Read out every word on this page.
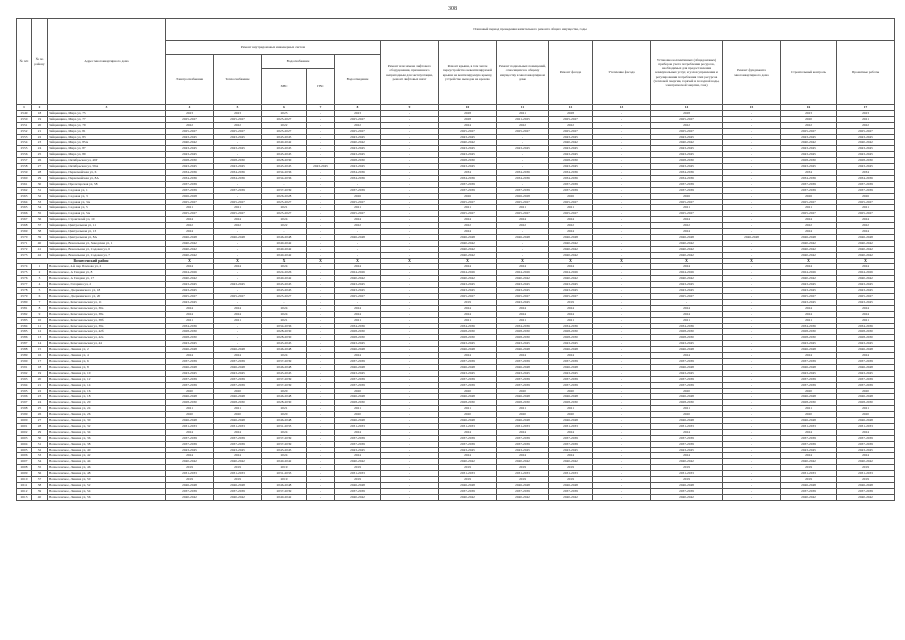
308
№ п/п	№ по району	Адрес многоквартирного дома	Плановый период проведения капитального ремонта общего имущества, годы													
			Ремонт внутридомовых инженерных систем					Ремонт или замена лифтового оборудования, признанного непригодным для эксплуатации, ремонт лифтовых шахт	Ремонт крыши, в том числе переустройство невентилируемой крыши на вентилируемую крышу, устройство выходов на кровлю	Ремонт подвальных помещений, относящихся к общему имуществу в многоквартирном доме	Ремонт фасада	Утепление фасада	Установка коллективных (общедомовых) приборов учета потребления ресурсов, необходимых для предоставления коммунальных услуг, и узлов управления и регулирования потребления этих ресурсов (тепловой энергии, горячей и холодной воды, электрической энергии, газа)	Ремонт фундамента многоквартирного дома	Строительный контроль	Проектные работы
			Электроснабжение	Теплоснабжение	Водоснабжение		Водоотведение									
					ХВС	ГВС										
1	2	3	4	5	6	7	8	9	10	11	12	13	14	15	16	17
2549	18	Зайцевщина, Мира ул, 75	2023	2023	2023	-	2023	-	2028	2021	2028	-	2028	-	2023	2023
2550	19	Зайцевщина, Мира ул, 77	2025-2027	2025-2027	2025-2027	-	2025-2027	-	2028	2021-2025	2025-2027	-	2025-2027	-	2020	2021
2551	20	Зайцевщина, Мира ул, 79	2022	2022	2022	-	2022	-	2024	2022	2022	-	2022	-	2022	2022
2552	21	Зайцевщина, Мира ул, 81	2025-2027	2025-2027	2025-2027	-	2025-2027	-	2025-2027	2025-2027	2025-2027	-	2025-2027	-	2025-2027	2025-2027
2553	22	Зайцевщина, Мира ул, 83	2043-2045	2043-2045	2043-2045	-	2043-2045	-	2043-2045	-	2043-2045	-	2043-2045	-	2043-2045	2043-2045
2554	23	Зайцевщина, Мира ул, 85А	2040-2042	-	2040-2042	-	2040-2042	-	2040-2042	-	2040-2042	-	2040-2042	-	2040-2042	2040-2042
2555	24	Зайцевщина, Мира ул, 87	2043-2045	2043-2045	2043-2045	-	2043-2045	-	2043-2045	2043-2045	2043-2045	-	2043-2045	-	2043-2045	2043-2045
2556	25	Зайцевщина, Мира ул, 89	2043-2045	-	2043-2045	-	2043-2045	-	2043-2045	-	2043-2045	-	2043-2045	-	2043-2045	2043-2045
2557	26	Зайцевщина, Октябрьская ул, 49Г	2028-2030	2028-2030	2028-2030	-	2028-2030	-	2028-2030	-	2028-2030	-	2028-2030	-	2028-2030	2028-2030
2558	27	Зайцевщина, Октябрьская ул, 59А	2043-2045	2043-2045	2043-2045	2043-2045	2043-2045	-	2043-2045	-	2043-2045	-	2043-2045	-	2043-2045	2043-2045
2559	28	Зайцевщина, Первомайская ул, 6	2034-2036	2034-2036	2034-2036	-	2034-2036	-	2034	2034-2036	2034-2036	-	2034-2036	-	2034	2034
2560	29	Зайцевщина, Первомайская ул, 8А	2034-2036	2034-2036	2034-2036	-	2034-2036	-	2034-2036	2034-2036	2034-2036	-	2034-2036	-	2034-2036	2034-2036
2561	30	Зайцевщина, Пролетарская ул, 58	2037-2039	-	-	-	-	-	2037-2039	-	2037-2039	-	2037-2039	-	2037-2039	2037-2039
2562	31	Зайцевщина, Садовая ул, 1	2037-2039	2037-2039	2037-2039	-	2037-2039	-	2037-2039	2037-2039	2037-2039	-	2037-2039	-	2037-2039	2037-2039
2563	32	Зайцевщина, Садовая ул, 3	2026-2028	-	2026-2028	-	2026	-	2026	2026-2028	2026	-	2026	-	2026	2026
2564	33	Зайцевщина, Садовая ул, 3А	2025-2027	2025-2027	2025-2027	-	2025-2027	-	2025-2027	2025-2027	2025-2027	-	2025-2027	-	2025-2027	2025-2027
2565	34	Зайцевщина, Садовая ул, 5	2021	2021	2021	-	2021	-	2021	2021	2021	-	2021	-	2021	2021
2566	35	Зайцевщина, Садовая ул, 5А	2025-2027	2025-2027	2025-2027	-	2025-2027	-	2025-2027	2025-2027	2025-2027	-	2025-2027	-	2025-2027	2025-2027
2567	36	Зайцевщина, Строителей ул, 10	2024	2024	2024	-	2024	-	2024	2024	2024	-	2024	-	2024	2024
2568	37	Зайцевщина, Центральная ул, 11	2022	2022	2022	-	2022	-	2022	2022	2022	-	2022	-	2022	2022
2569	38	Зайцевщина, Центральная ул, 13	2024	-	-	-	-	-	2024	-	2024	-	2024	-	2024	2024
2570	39	Зайцевщина, Центральная ул, 8А	2046-2048	2046-2048	2046-2048	-	2046-2048	-	2046-2048	2046-2048	2046-2048	-	2046-2048	2046-2048	2046-2048	2046-2048
2571	40	Зайцевщина, Вокзальная ул, Заводская ул, 1	2040-2042	-	2040-2042	-	-	-	2040-2042	-	2040-2042	-	2040-2042	-	2040-2042	2040-2042
2572	41	Зайцевщина, Вокзальная ул, Садовая ул, 6	2040-2042	-	2040-2042	-	-	-	2040-2042	-	2040-2042	-	2040-2042	-	2040-2042	2040-2042
2573	42	Зайцевщина, Вокзальная ул, Садовая ул, 7	2040-2042	-	2040-2042	-	-	-	2040-2042	-	2040-2042	-	2040-2042	-	2040-2042	2040-2042
Вознесенский район			X	X	X	X	X	X	X	X	X	X	X	X	X	X
2574	1	Вознесенское, 4-й пер Плехова ул, 2	2024	2024	2024	-	2024	-	2024	2024	2024	-	2024	-	2024	2024
2575	2	Вознесенское, А Ганджи ул, 8	2024-2026	-	2024-2026	-	2024-2026	-	2024-2026	2024-2026	2024-2026	-	2024-2026	-	2024-2026	2024-2026
2576	3	Вознесенское, А Ганджи ул, 17	2040-2042	-	2040-2042	-	2040-2042	-	2040-2042	2040-2042	2040-2042	-	2040-2042	-	2040-2042	2040-2042
2577	4	Вознесенское, Гагарина ул, 2	2043-2045	2043-2045	2043-2045	-	2043-2045	-	2043-2045	2043-2045	2043-2045	-	2043-2045	-	2043-2045	2043-2045
2578	5	Вознесенское, Дзержинского ул, 18	2043-2045	-	2043-2045	-	2043-2045	-	2043-2045	2043-2045	2043-2045	-	2043-2045	-	2043-2045	2043-2045
2579	6	Вознесенское, Дзержинского ул, 20	2025-2027	2025-2027	2025-2027	-	2025-2027	-	2025-2027	2025-2027	2025-2027	-	2025-2027	-	2025-2027	2025-2027
2580	7	Вознесенское, Комсомольская ул, 11	2043-2045	-	-	-	-	-	2019	2043-2045	2019	-	-	-	2043-2045	2043-2045
2581	8	Вознесенское, Комсомольская ул, 36а	2024	2024	2024	-	2024	-	2024	2024	2024	-	2024	-	2024	2024
2582	9	Вознесенское, Комсомольская ул, 38а	2024	2024	2024	-	2024	-	2024	2024	2024	-	2024	-	2024	2024
2583	10	Вознесенское, Комсомольская ул, 38б	2021	2021	2021	-	2021	-	2021	2021	2021	-	2021	-	2021	2021
2584	11	Вознесенское, Комсомольская ул, 39а	2034-2036	-	2034-2036	-	2034-2036	-	2034-2036	2034-2036	2034-2036	-	2034-2036	-	2034-2036	2034-2036
2585	12	Вознесенское, Комсомольская ул, 42б	2028-2030	-	2028-2030	-	2028-2030	-	2028-2030	2028-2030	2028-2030	-	2028-2030	-	2028-2030	2028-2030
2586	13	Вознесенское, Комсомольская ул, 42а	2028-2030	-	2028-2030	-	2028-2030	-	2028-2030	2028-2030	2028-2030	-	2028-2030	-	2028-2030	2028-2030
2587	14	Вознесенское, Комсомольская ул, 44	2043-2045	-	2043-2045	-	2043-2045	-	2043-2045	2043-2045	2043-2045	-	2043-2045	-	2043-2045	2043-2045
2588	15	Вознесенское, Ленина ул, 2	2046-2048	2046-2048	2046-2048	-	2046-2048	-	2046-2048	2046-2048	2046-2048	-	2046-2048	-	2046-2048	2046-2048
2589	16	Вознесенское, Ленина ул, 4	2024	2024	2024	-	2024	-	2024	2024	2024	-	2024	-	2024	2024
2590	17	Вознесенское, Ленина ул, 6	2037-2039	2037-2039	2037-2039	-	2037-2039	-	2037-2039	2037-2039	2037-2039	-	2037-2039	-	2037-2039	2037-2039
2591	18	Вознесенское, Ленина ул, 8	2046-2048	2046-2048	2046-2048	-	2046-2048	-	2046-2048	2046-2048	2046-2048	-	2046-2048	-	2046-2048	2046-2048
2592	19	Вознесенское, Ленина ул, 10	2043-2045	2043-2045	2043-2045	-	2043-2045	-	2043-2045	2043-2045	2043-2045	-	2043-2045	-	2043-2045	2043-2045
2593	20	Вознесенское, Ленина ул, 12	2037-2039	2037-2039	2037-2039	-	2037-2039	-	2037-2039	2037-2039	2037-2039	-	2037-2039	-	2037-2039	2037-2039
2594	21	Вознесенское, Ленина ул, 14	2037-2039	2037-2039	2037-2039	-	2037-2039	-	2037-2039	2037-2039	2037-2039	-	2037-2039	-	2037-2039	2037-2039
2595	22	Вознесенское, Ленина ул, 16	2020	2020	2020	-	2020	-	2020	2020	2020	-	2020	-	2020	2020
2596	23	Вознесенское, Ленина ул, 18	2046-2048	2046-2048	2046-2048	-	2046-2048	-	2046-2048	2046-2048	2046-2048	-	2046-2048	-	2046-2048	2046-2048
2597	24	Вознесенское, Ленина ул, 20	2028-2030	2028-2030	2028-2030	-	2028-2030	-	2028-2030	2028-2030	2028-2030	-	2028-2030	-	2028-2030	2028-2030
2598	25	Вознесенское, Ленина ул, 24	2021	2021	2021	-	2021	-	2021	2021	2021	-	2021	-	2021	2021
2599	26	Вознесенское, Ленина ул, 26	2020	2020	2020	-	2020	-	2020	2020	2020	-	2020	-	2020	2020
2600	27	Вознесенское, Ленина ул, 30	2046-2048	2046-2048	2046-2048	-	2046-2048	-	2046-2048	2046-2048	2046-2048	-	2046-2048	-	2046-2048	2046-2048
2601	28	Вознесенское, Ленина ул, 32	2031-2033	2031-2033	2031-2033	-	2031-2033	-	2031-2033	2031-2033	2031-2033	-	2031-2033	-	2031-2033	2031-2033
2602	29	Вознесенское, Ленина ул, 34	2024	2024	2024	-	2024	-	2024	2024	2024	-	2024	-	2024	2024
2603	30	Вознесенское, Ленина ул, 36	2037-2039	2037-2039	2037-2039	-	2037-2039	-	2037-2039	2037-2039	2037-2039	-	2037-2039	-	2037-2039	2037-2039
2604	31	Вознесенское, Ленина ул, 38	2037-2039	2037-2039	2037-2039	-	2037-2039	-	2037-2039	2037-2039	2037-2039	-	2037-2039	-	2037-2039	2037-2039
2605	32	Вознесенское, Ленина ул, 40	2043-2045	2043-2045	2043-2045	-	2043-2045	-	2043-2045	2043-2045	2043-2045	-	2043-2045	-	2043-2045	2043-2045
2606	33	Вознесенское, Ленина ул, 42	2024	2024	2024	-	2024	-	2024	2024	2024	-	2024	-	2024	2024
2607	34	Вознесенское, Ленина ул, 44	2040-2042	2040-2042	2040-2042	-	2040-2042	-	2040-2042	2040-2042	2040-2042	-	2040-2042	-	2040-2042	2040-2042
2608	35	Вознесенское, Ленина ул, 46	2019	2019	2019	-	2019	-	2019	2019	2019	-	2019	-	2019	2019
2609	36	Вознесенское, Ленина ул, 48	2031-2033	2031-2033	2031-2033	-	2031-2033	-	2031-2033	2031-2033	2031-2033	-	2031-2033	-	2031-2033	2031-2033
2610	37	Вознесенское, Ленина ул, 50	2019	2019	2019	-	2019	-	2019	2019	2019	-	2019	-	2019	2019
2611	38	Вознесенское, Ленина ул, 52	2046-2048	2046-2048	2046-2048	-	2046-2048	-	2046-2048	2046-2048	2046-2048	-	2046-2048	-	2046-2048	2046-2048
2612	39	Вознесенское, Ленина ул, 54	2037-2039	2037-2039	2037-2039	-	2037-2039	-	2037-2039	2037-2039	2037-2039	-	2037-2039	-	2037-2039	2037-2039
2613	40	Вознесенское, Ленина ул, 56	2040-2042	2040-2042	2040-2042	-	2040-2042	-	2040-2042	2040-2042	2040-2042	-	2040-2042	-	2040-2042	2040-2042
